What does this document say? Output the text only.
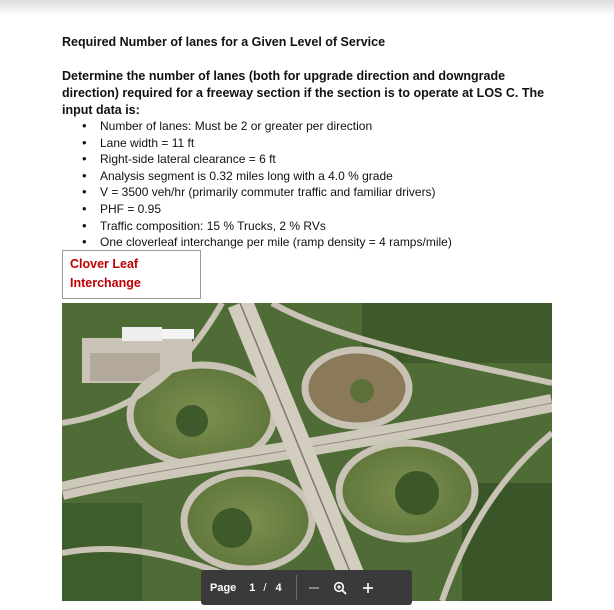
Required Number of lanes for a Given Level of Service
Determine the number of lanes (both for upgrade direction and downgrade direction) required for a freeway section if the section is to operate at LOS C. The input data is:
• Number of lanes: Must be 2 or greater per direction
• Lane width = 11 ft
• Right-side lateral clearance = 6 ft
• Analysis segment is 0.32 miles long with a 4.0 % grade
• V = 3500 veh/hr (primarily commuter traffic and familiar drivers)
• PHF = 0.95
• Traffic composition: 15 % Trucks, 2 % RVs
• One cloverleaf interchange per mile (ramp density = 4 ramps/mile)
Clover Leaf
Interchange
Page 1 / 4
